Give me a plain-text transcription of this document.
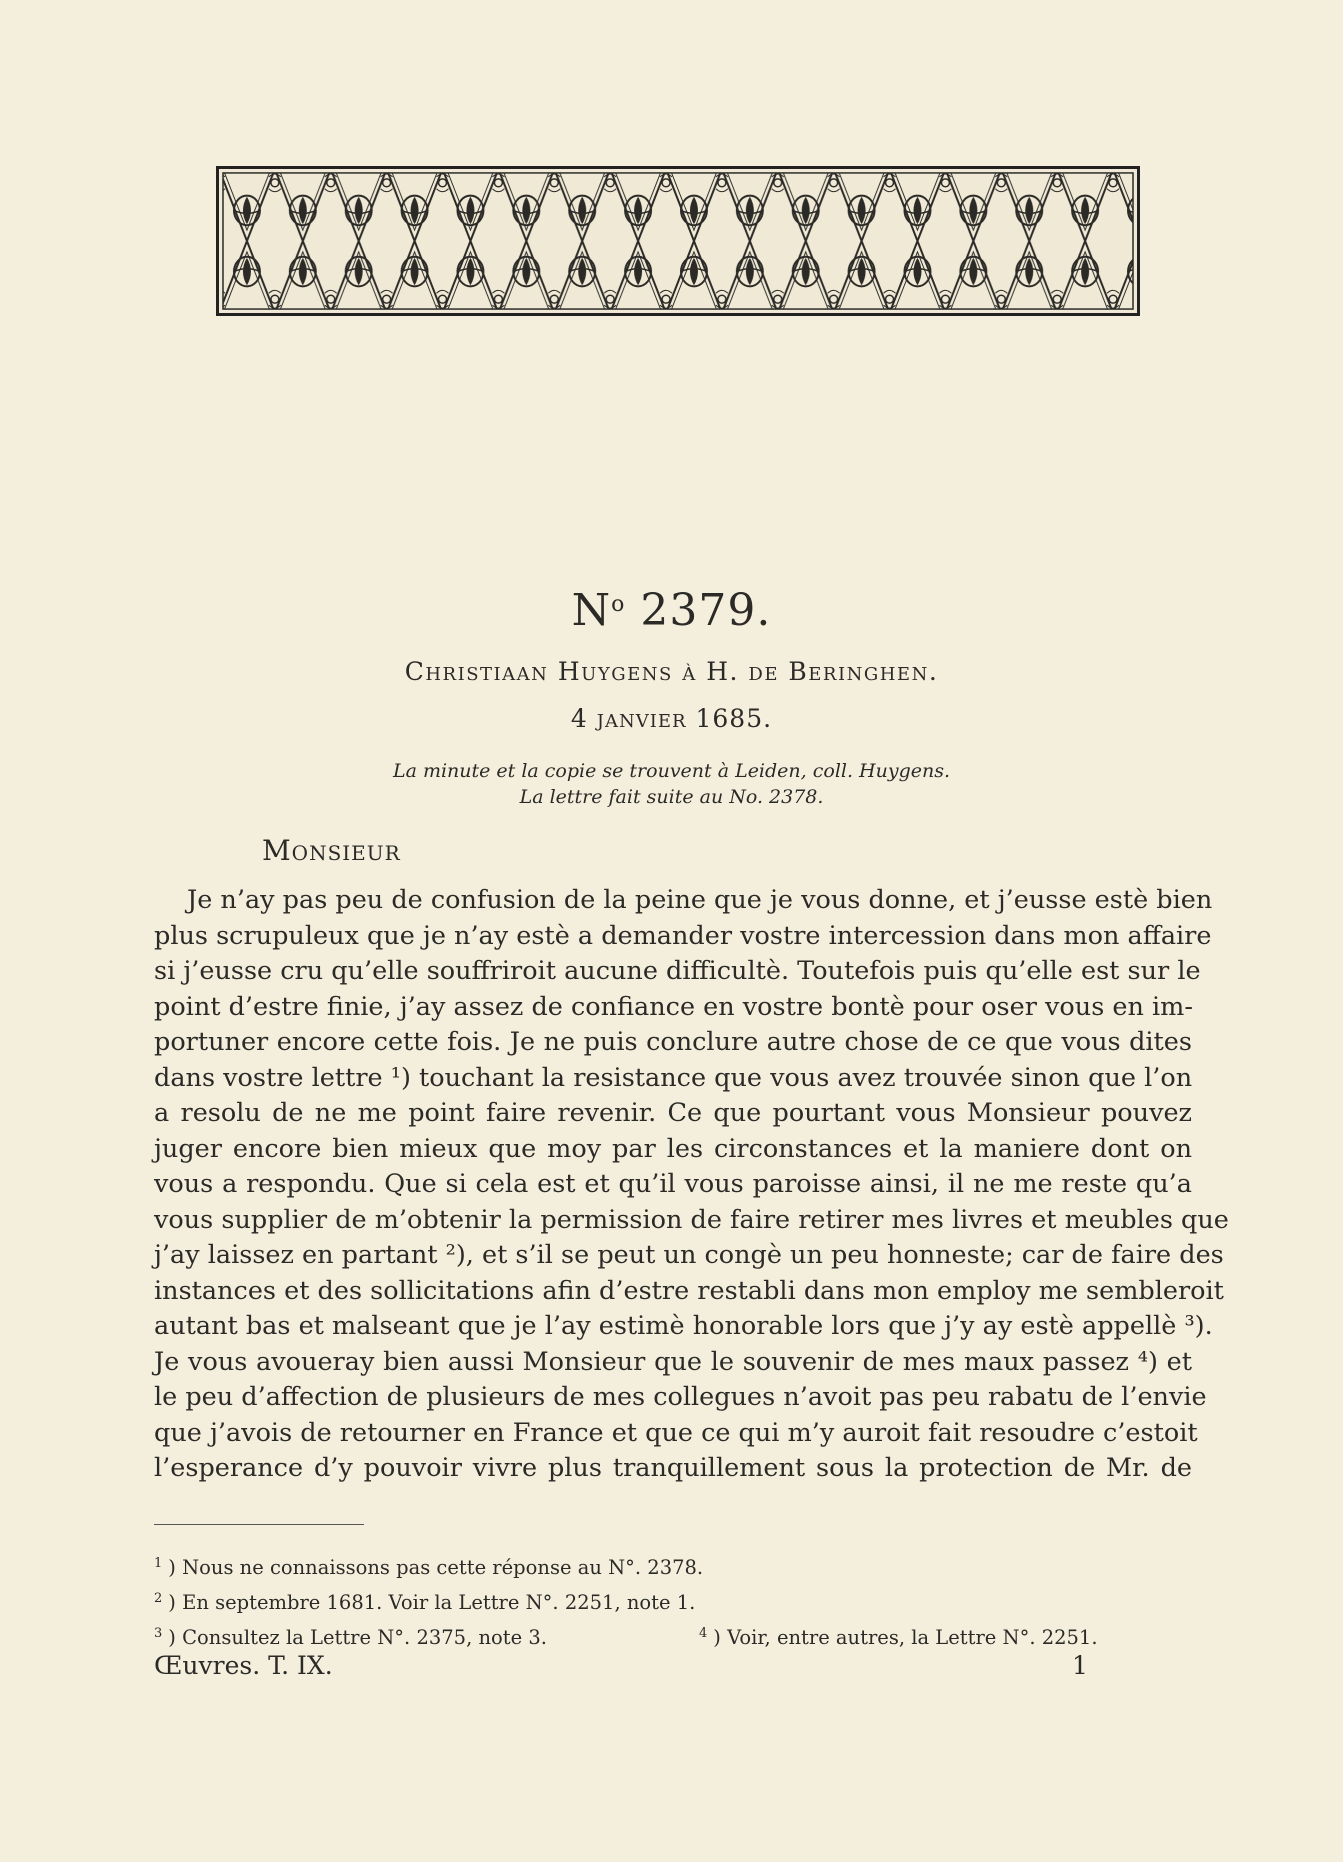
$N^o$ 2379.
Christiaan Huygens à H. de Beringhen.
4 janvier 1685.
La minute et la copie se trouvent à Leiden, coll. Huygens.
La lettre fait suite au No. 2378.
Monsieur
Je n’ay pas peu de confusion de la peine que je vous donne, et j’eusse estè bien
plus scrupuleux que je n’ay estè a demander vostre intercession dans mon affaire
si j’eusse cru qu’elle souffriroit aucune difficultè. Toutefois puis qu’elle est sur le
point d’estre finie, j’ay assez de confiance en vostre bontè pour oser vous en im-
portuner encore cette fois. Je ne puis conclure autre chose de ce que vous dites
dans vostre lettre ¹) touchant la resistance que vous avez trouvée sinon que l’on
a resolu de ne me point faire revenir. Ce que pourtant vous Monsieur pouvez
juger encore bien mieux que moy par les circonstances et la maniere dont on
vous a respondu. Que si cela est et qu’il vous paroisse ainsi, il ne me reste qu’a
vous supplier de m’obtenir la permission de faire retirer mes livres et meubles que
j’ay laissez en partant ²), et s’il se peut un congè un peu honneste; car de faire des
instances et des sollicitations afin d’estre restabli dans mon employ me sembleroit
autant bas et malseant que je l’ay estimè honorable lors que j’y ay estè appellè ³).
Je vous avoueray bien aussi Monsieur que le souvenir de mes maux passez ⁴) et
le peu d’affection de plusieurs de mes collegues n’avoit pas peu rabatu de l’envie
que j’avois de retourner en France et que ce qui m’y auroit fait resoudre c’estoit
l’esperance d’y pouvoir vivre plus tranquillement sous la protection de Mr. de
$^1$ ) Nous ne connaissons pas cette réponse au N°. 2378.
$^2$ ) En septembre 1681. Voir la Lettre N°. 2251, note 1.
$^3$ ) Consultez la Lettre N°. 2375, note 3.	$^4$ ) Voir, entre autres, la Lettre N°. 2251.
Œuvres. T. IX.	1
